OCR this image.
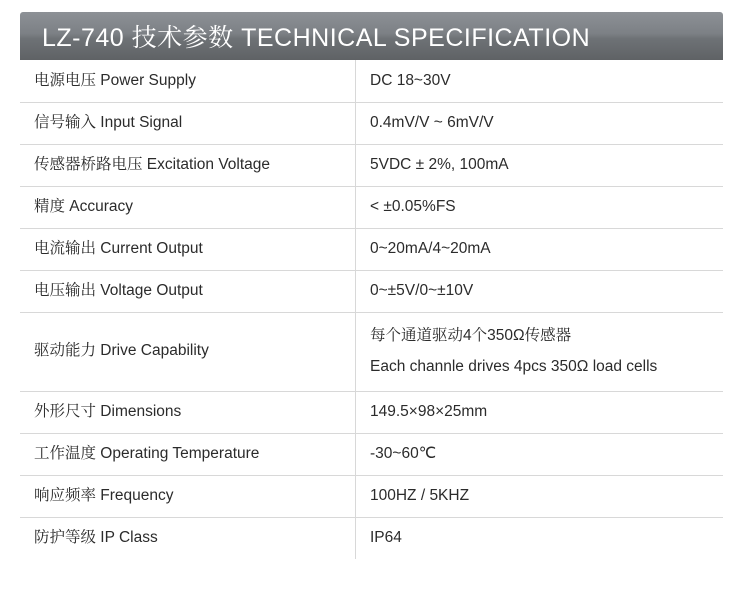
LZ-740 技术参数 TECHNICAL SPECIFICATION
电源电压 Power Supply	DC 18~30V

信号输入 Input Signal	0.4mV/V ~ 6mV/V

传感器桥路电压 Excitation Voltage	5VDC ± 2%, 100mA

精度 Accuracy	< ±0.05%FS

电流输出 Current Output	0~20mA/4~20mA

电压输出 Voltage Output	0~±5V/0~±10V

驱动能力 Drive Capability	每个通道驱动4个350Ω传感器
Each channle drives 4pcs 350Ω load cells

外形尺寸 Dimensions	149.5×98×25mm

工作温度 Operating Temperature	-30~60℃

响应频率 Frequency	100HZ / 5KHZ

防护等级 IP Class	IP64
